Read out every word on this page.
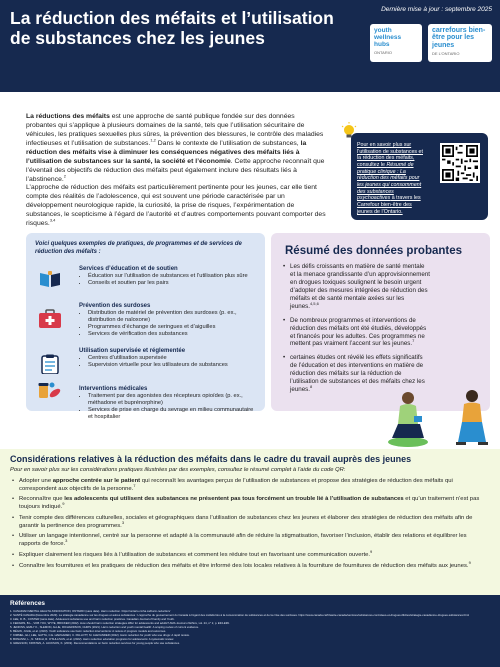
La réduction des méfaits et l’utilisation de substances chez les jeunes
Dernière mise à jour : septembre 2025
youth wellness hubs
ONTARIO
carrefours bien-être pour les jeunes
DE L’ONTARIO

La réductions des méfaits est une approche de santé publique fondée sur des données probantes qui s’applique à plusieurs domaines de la santé, tels que l’utilisation sécuritaire de véhicules, les pratiques sexuelles plus sûres, la prévention des blessures, le contrôle des maladies infectieuses et l’utilisation de substances.$^{1,2}$ Dans le contexte de l’utilisation de substances, la réduction des méfaits vise à diminuer les conséquences négatives des méfaits liés à l’utilisation de substances sur la santé, la société et l’économie. Cette approche reconnaît que l’éventail des objectifs de réduction des méfaits peut également inclure des résultats liés à l’abstinence.$^2$

L’approche de réduction des méfaits est particulièrement pertinente pour les jeunes, car elle tient compte des réalités de l’adolescence, qui est souvent une période caractérisée par un développement neurologique rapide, la curiosité, la prise de risques, l’expérimentation de substances, le scepticisme à l’égard de l’autorité et d’autres comportements pouvant comporter des risques.$^{3,4}$

Pour en savoir plus sur l’utilisation de substances et la réduction des méfaits, consultez le Résumé de pratique clinique : La réduction des méfaits pour les jeunes qui consomment des substances psychoactives à travers les Carrefour bien-être des jeunes de l’Ontario.
Voici quelques exemples de pratiques, de programmes et de services de réduction des méfaits :
Services d’éducation et de soutien
• Éducation sur l’utilisation de substances et l’utilisation plus sûre
• Conseils et soutien par les pairs
Prévention des surdoses
• Distribution de matériel de prévention des surdoses (p. ex., distribution de naloxone)
• Programmes d’échange de seringues et d’aiguilles
• Services de vérification des substances
Utilisation supervisée et réglementée
• Centres d’utilisation supervisée
• Supervision virtuelle pour les utilisateurs de substances
Interventions médicales
• Traitement par des agonistes des récepteurs opioïdes (p. ex., méthadone et buprénorphine)
• Services de prise en charge du sevrage en milieu communautaire et hospitalier
Résumé des données probantes
• Les défis croissants en matière de santé mentale et la menace grandissante d’un approvisionnement en drogues toxiques soulignent le besoin urgent d’adopter des mesures intégrées de réduction des méfaits et de santé mentale axées sur les jeunes.$^{4,5,6}$
• De nombreux programmes et interventions de réduction des méfaits ont été étudiés, développés et financés pour les adultes. Ces programmes ne mettent pas vraiment l’accent sur les jeunes.$^7$
• certaines études ont révélé les effets significatifs de l’éducation et des interventions en matière de réduction des méfaits sur la réduction de l’utilisation de substances et des méfaits chez les jeunes.$^8$
Considérations relatives à la réduction des méfaits dans le cadre du travail auprès des jeunes
Pour en savoir plus sur les considérations pratiques illustrées par des exemples, consultez le résumé complet à l’aide du code QR:
• Adopter une approche centrée sur le patient qui reconnaît les avantages perçus de l’utilisation de substances et propose des stratégies de réduction des méfaits qui correspondent aux objectifs de la personne.$^7$
• Reconnaître que les adolescents qui utilisent des substances ne présentent pas tous forcément un trouble lié à l’utilisation de substances et qu’un traitement n’est pas toujours indiqué.$^9$
• Tenir compte des différences culturelles, sociales et géographiques dans l’utilisation de substances chez les jeunes et élaborer des stratégies de réduction des méfaits afin de garantir la pertinence des programmes.$^3$
• Utiliser un langage intentionnel, centré sur la personne et adapté à la communauté afin de réduire la stigmatisation, favoriser l’inclusion, établir des relations et équilibrer les rapports de force.$^3$
• Expliquer clairement les risques liés à l’utilisation de substances et comment les réduire tout en favorisant une communication ouverte.$^9$
• Connaître les fournitures et les pratiques de réduction des méfaits et être informé des lois locales relatives à la fourniture de fournitures de réduction des méfaits aux jeunes.$^9$
Références
1. CANADIAN MENTAL HEALTH ASSOCIATION, ONTARIO (sans date). Harm reduction. https://ontario.cmha.ca/harm-reduction/
2. SANTÉ CANADA (Décembre 2023). La stratégie canadienne sur les drogues et autres substances : L’approche du gouvernement du Canada à l’égard des méfaits liés à la consommation de substances et de la crise des surdoses. https://www.canada.ca/fr/sante-canada/services/substances-controlees-et-drogues-illicites/strategie-canadienne-drogues-substances.html
3. LEE, D. B., COSTER (sans date). Adolescent substance use and harm reduction practices. Canadian Journal of Family and Youth.
4. FERARIS, B.L., VOB YOU, WYTE, BRICKER (2022). How should harm reduction strategies differ for adolescents and adults? AMA Journal of Ethics, vol. 24, n° 2, p. E94-E99.
5. JENKINS, EMILY K., SLEMON, ALLIE, RICHARDSON, CHRIS (2021). Harm reduction and youth mental health: A scoping review of current evidence.
6. BÉGIN, JULIE, et al. (2023). Youth substance use harm reduction interventions: A review of program models and outcomes.
7. KIMMEL, ELI, LEE, GATTA, C.E. HARGADEN, C. PALLOTT, M. ALEXANDER (2022). Harm reduction for youth who use drugs: A rapid review.
8. BONANNI, L., N. SINGH, R. O’SULLIVAN, et al. (2022). Harm reduction education programs for adolescents: A systematic review.
9. GREGSON, KRISTEN, A. JACKSON, K. (2019). Recommendations on harm reduction services for young people who use substances.
